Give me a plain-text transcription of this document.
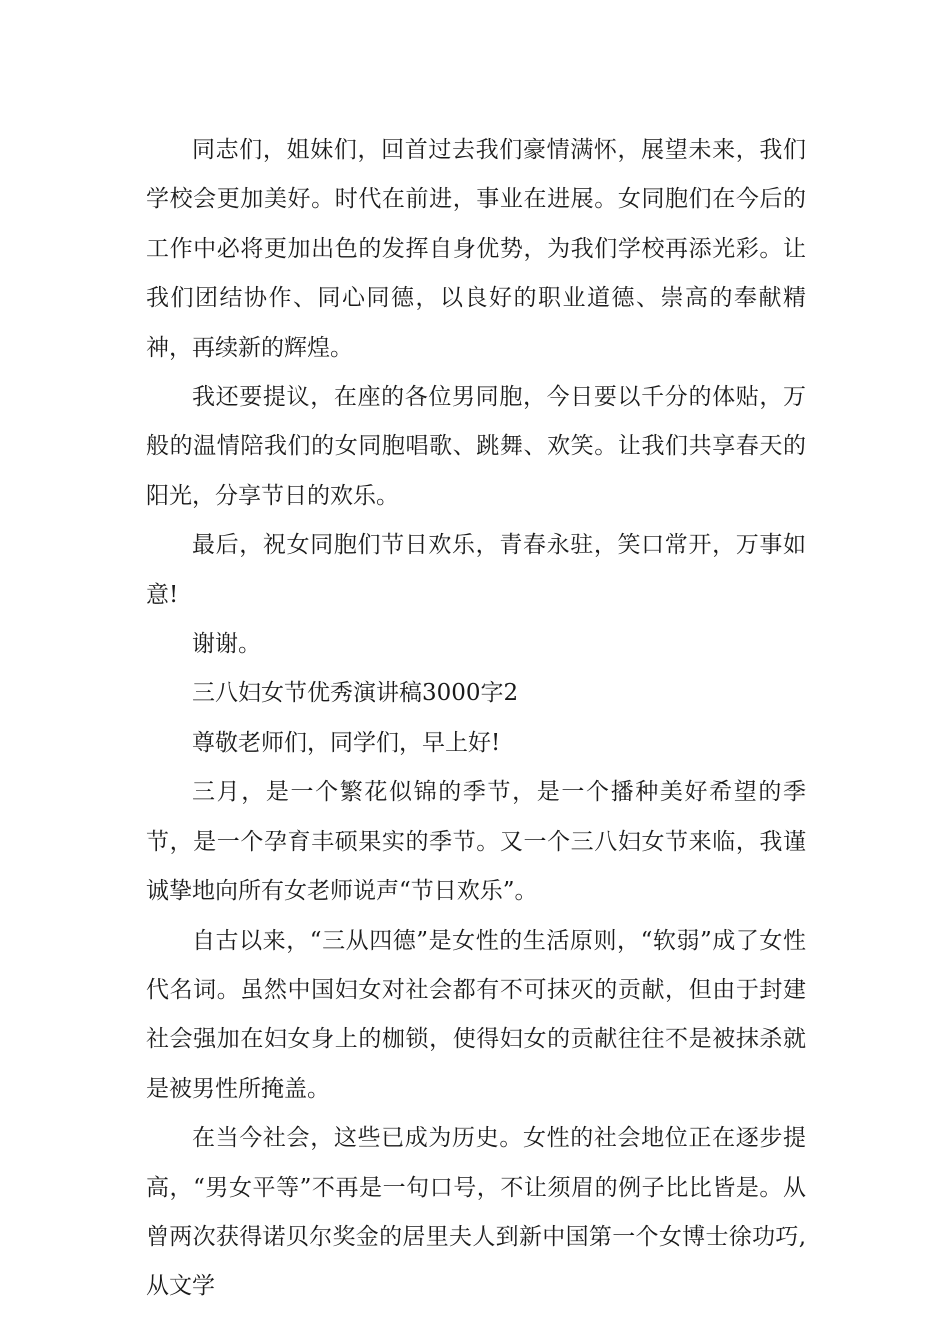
同志们，姐妹们，回首过去我们豪情满怀，展望未来，我们学校会更加美好。时代在前进，事业在进展。女同胞们在今后的工作中必将更加出色的发挥自身优势，为我们学校再添光彩。让我们团结协作、同心同德，以良好的职业道德、崇高的奉献精神，再续新的辉煌。

我还要提议，在座的各位男同胞，今日要以千分的体贴，万般的温情陪我们的女同胞唱歌、跳舞、欢笑。让我们共享春天的阳光，分享节日的欢乐。

最后，祝女同胞们节日欢乐，青春永驻，笑口常开，万事如意!

谢谢。

三八妇女节优秀演讲稿3000字2

尊敬老师们，同学们，早上好!

三月，是一个繁花似锦的季节，是一个播种美好希望的季节，是一个孕育丰硕果实的季节。又一个三八妇女节来临，我谨诚挚地向所有女老师说声“节日欢乐”。

自古以来，“三从四德”是女性的生活原则，“软弱”成了女性代名词。虽然中国妇女对社会都有不可抹灭的贡献，但由于封建社会强加在妇女身上的枷锁，使得妇女的贡献往往不是被抹杀就是被男性所掩盖。

在当今社会，这些已成为历史。女性的社会地位正在逐步提高，“男女平等”不再是一句口号，不让须眉的例子比比皆是。从曾两次获得诺贝尔奖金的居里夫人到新中国第一个女博士徐功巧,从文学
